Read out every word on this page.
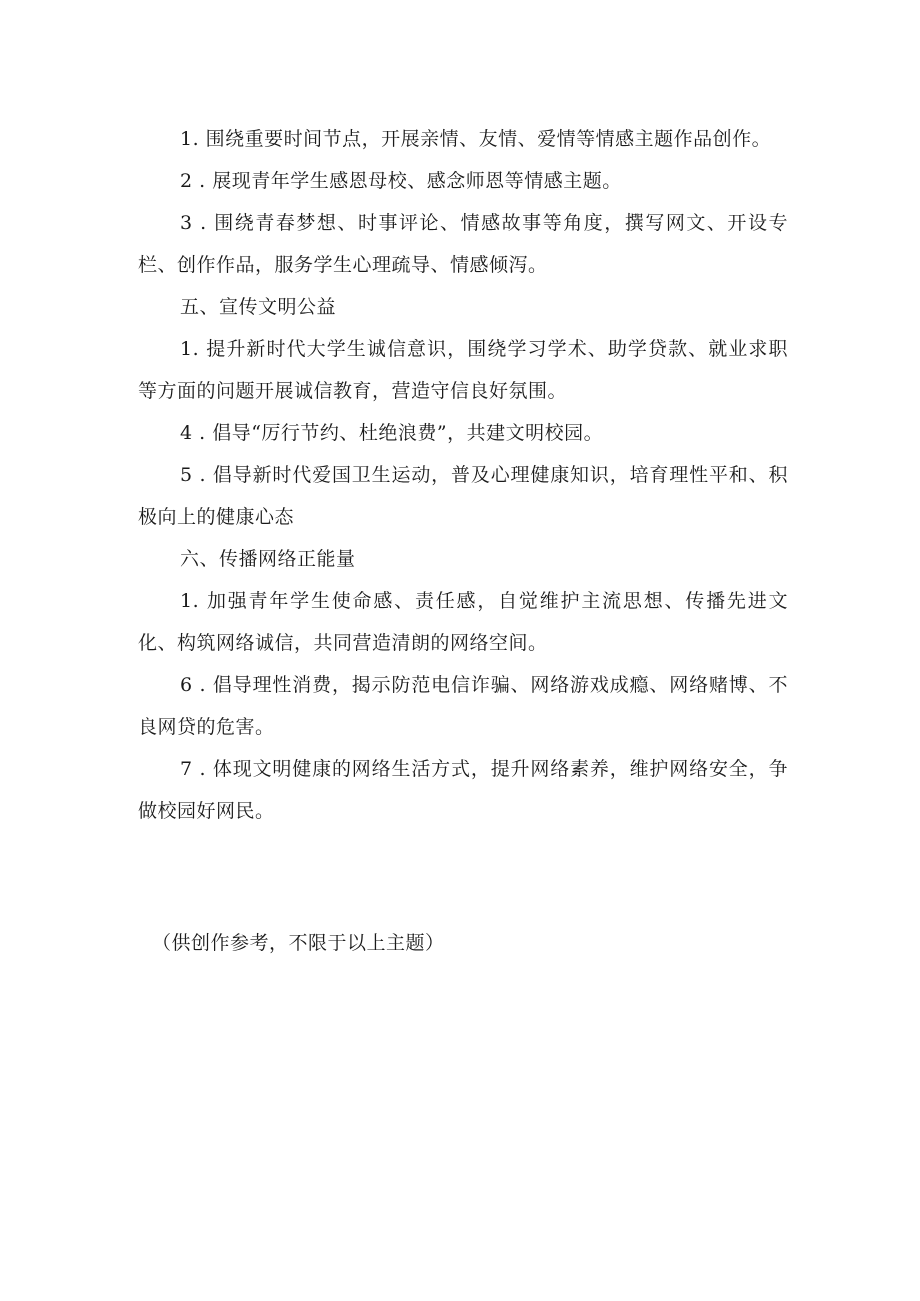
1. 围绕重要时间节点，开展亲情、友情、爱情等情感主题作品创作。

2 . 展现青年学生感恩母校、感念师恩等情感主题。

3 . 围绕青春梦想、时事评论、情感故事等角度，撰写网文、开设专栏、创作作品，服务学生心理疏导、情感倾泻。

五、宣传文明公益

1. 提升新时代大学生诚信意识，围绕学习学术、助学贷款、就业求职等方面的问题开展诚信教育，营造守信良好氛围。

4 . 倡导“厉行节约、杜绝浪费”，共建文明校园。

5 . 倡导新时代爱国卫生运动，普及心理健康知识，培育理性平和、积极向上的健康心态

六、传播网络正能量

1. 加强青年学生使命感、责任感，自觉维护主流思想、传播先进文化、构筑网络诚信，共同营造清朗的网络空间。

6 . 倡导理性消费，揭示防范电信诈骗、网络游戏成瘾、网络赌博、不良网贷的危害。

7 . 体现文明健康的网络生活方式，提升网络素养，维护网络安全，争做校园好网民。

（供创作参考，不限于以上主题）
